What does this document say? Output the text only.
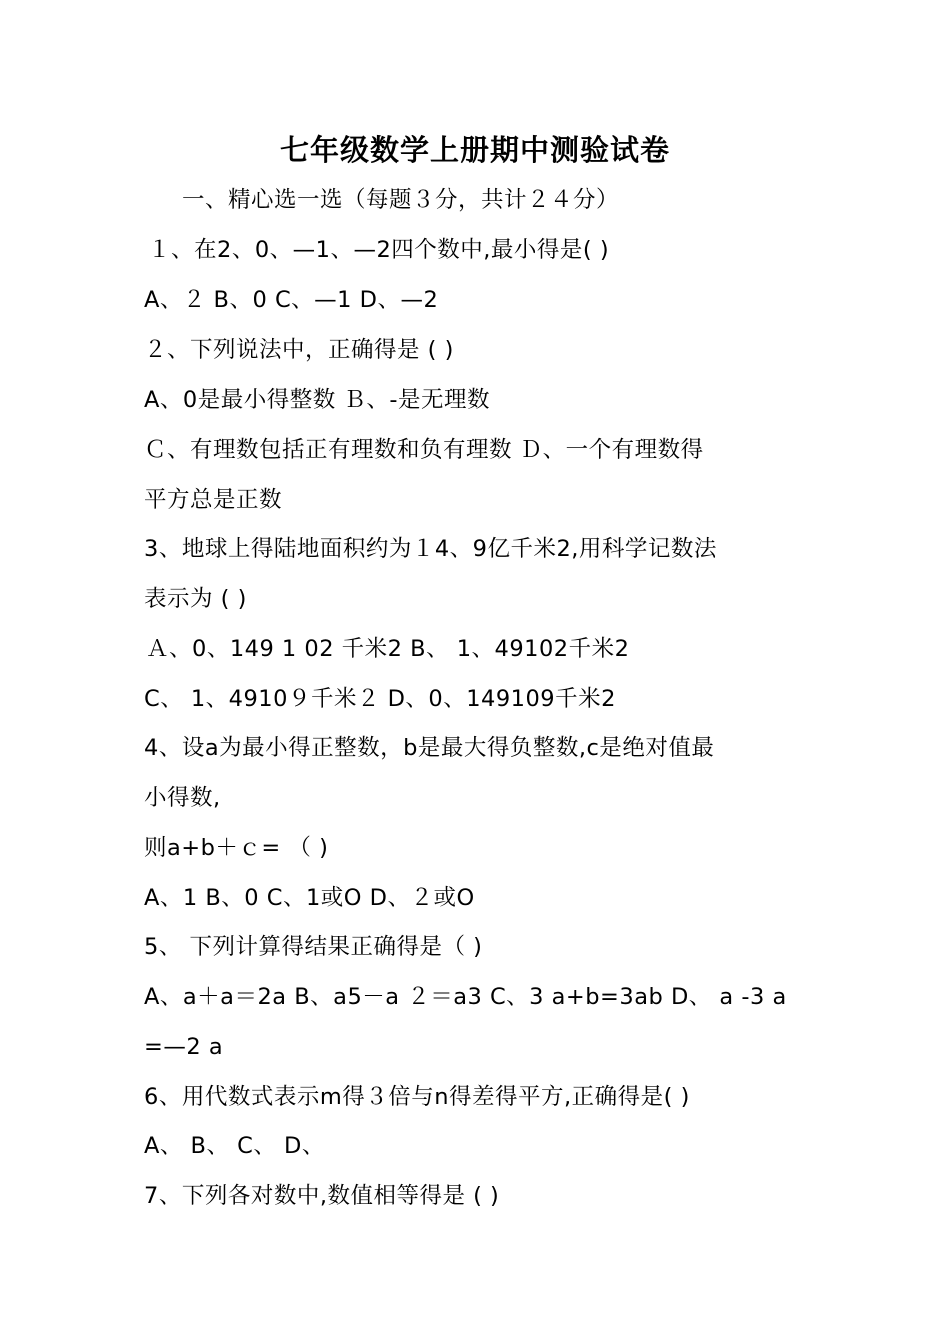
七年级数学上册期中测验试卷
一、精心选一选（每题３分，共计２４分）
１、在2、0、—1、—2四个数中,最小得是( )
A、２ B、0 C、—1 D、—2
２、下列说法中，正确得是 ( )
A、0是最小得整数 Ｂ、-是无理数
Ｃ、有理数包括正有理数和负有理数 Ｄ、一个有理数得
平方总是正数
3、地球上得陆地面积约为１4、9亿千米2,用科学记数法
表示为 ( )
Ａ、0、149 1 02 千米2 B、 1、49102千米2
C、 1、4910９千米２ D、0、149109千米2
4、设a为最小得正整数，b是最大得负整数,c是绝对值最
小得数,
则a+b＋ｃ= （ )
A、1 B、0 C、1或O D、２或O
5、 下列计算得结果正确得是（ )
A、a＋a＝2a B、a5－a ２＝a3 C、3 a+b=3ab D、 a -3 a
=—2 a
6、用代数式表示m得３倍与n得差得平方,正确得是( )
A、 B、 C、 D、
7、下列各对数中,数值相等得是 ( )
